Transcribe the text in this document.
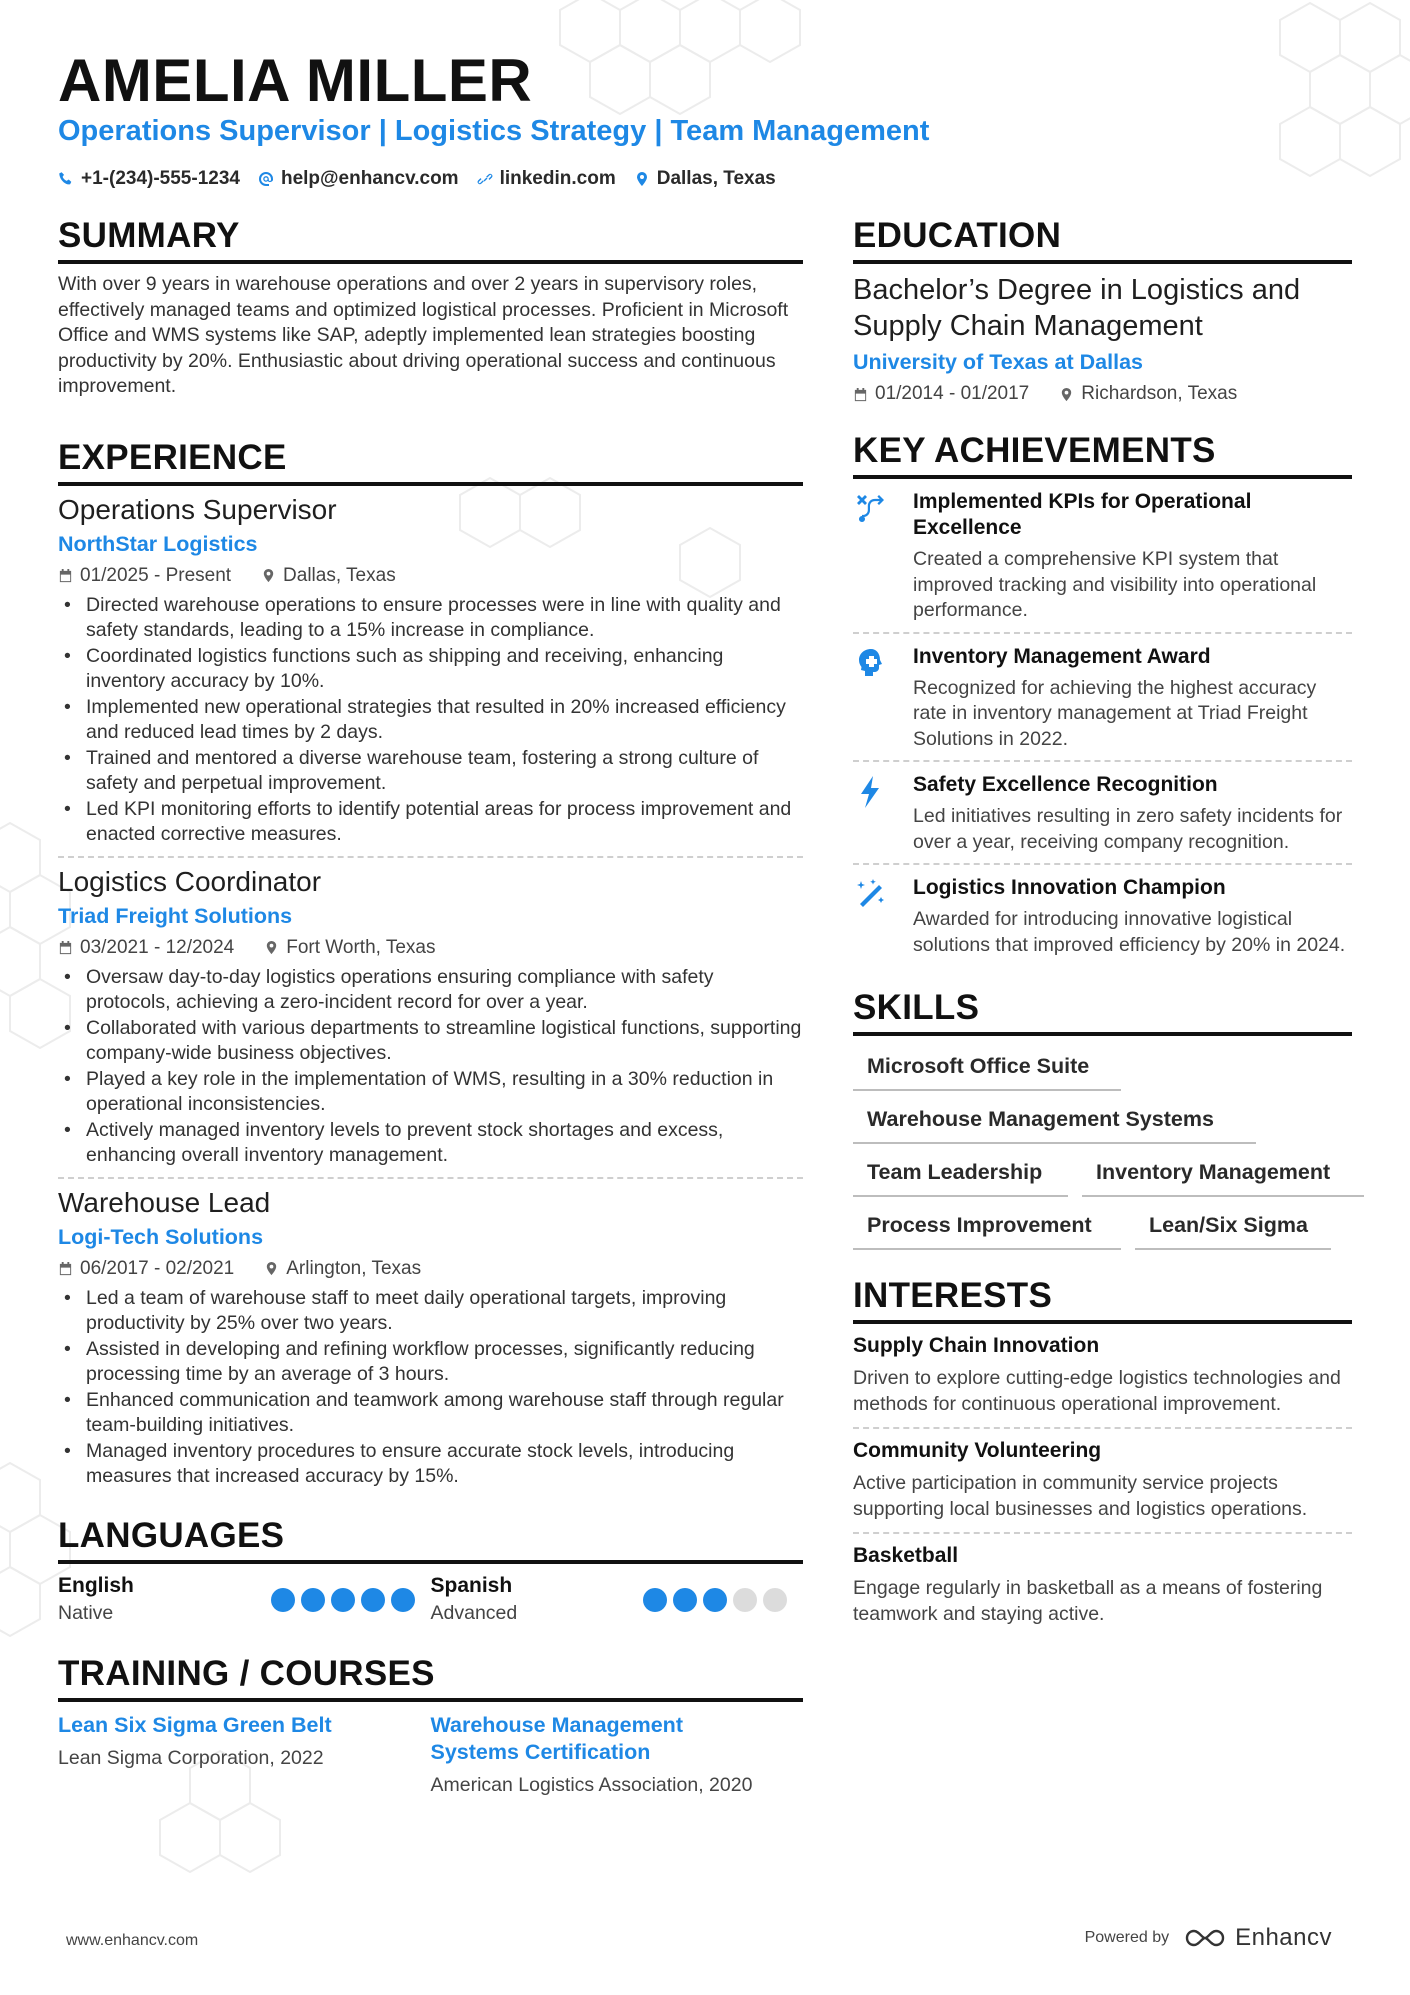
AMELIA MILLER
Operations Supervisor | Logistics Strategy | Team Management
+1-(234)-555-1234 help@enhancv.com linkedin.com Dallas, Texas
SUMMARY
With over 9 years in warehouse operations and over 2 years in supervisory roles, effectively managed teams and optimized logistical processes. Proficient in Microsoft Office and WMS systems like SAP, adeptly implemented lean strategies boosting productivity by 20%. Enthusiastic about driving operational success and continuous improvement.
EXPERIENCE
Operations Supervisor
NorthStar Logistics
01/2025 - Present	Dallas, Texas
• Directed warehouse operations to ensure processes were in line with quality and safety standards, leading to a 15% increase in compliance.
• Coordinated logistics functions such as shipping and receiving, enhancing inventory accuracy by 10%.
• Implemented new operational strategies that resulted in 20% increased efficiency and reduced lead times by 2 days.
• Trained and mentored a diverse warehouse team, fostering a strong culture of safety and perpetual improvement.
• Led KPI monitoring efforts to identify potential areas for process improvement and enacted corrective measures.
Logistics Coordinator
Triad Freight Solutions
03/2021 - 12/2024	Fort Worth, Texas
• Oversaw day-to-day logistics operations ensuring compliance with safety protocols, achieving a zero-incident record for over a year.
• Collaborated with various departments to streamline logistical functions, supporting company-wide business objectives.
• Played a key role in the implementation of WMS, resulting in a 30% reduction in operational inconsistencies.
• Actively managed inventory levels to prevent stock shortages and excess, enhancing overall inventory management.
Warehouse Lead
Logi-Tech Solutions
06/2017 - 02/2021	Arlington, Texas
• Led a team of warehouse staff to meet daily operational targets, improving productivity by 25% over two years.
• Assisted in developing and refining workflow processes, significantly reducing processing time by an average of 3 hours.
• Enhanced communication and teamwork among warehouse staff through regular team-building initiatives.
• Managed inventory procedures to ensure accurate stock levels, introducing measures that increased accuracy by 15%.
LANGUAGES
English
Native
Spanish
Advanced
TRAINING / COURSES
Lean Six Sigma Green Belt
Lean Sigma Corporation, 2022
Warehouse Management Systems Certification
American Logistics Association, 2020
EDUCATION
Bachelor’s Degree in Logistics and Supply Chain Management
University of Texas at Dallas
01/2014 - 01/2017	Richardson, Texas
KEY ACHIEVEMENTS
Implemented KPIs for Operational Excellence
Created a comprehensive KPI system that improved tracking and visibility into operational performance.
Inventory Management Award
Recognized for achieving the highest accuracy rate in inventory management at Triad Freight Solutions in 2022.
Safety Excellence Recognition
Led initiatives resulting in zero safety incidents for over a year, receiving company recognition.
Logistics Innovation Champion
Awarded for introducing innovative logistical solutions that improved efficiency by 20% in 2024.
SKILLS
Microsoft Office Suite
Warehouse Management Systems
Team Leadership	Inventory Management
Process Improvement	Lean/Six Sigma
INTERESTS
Supply Chain Innovation
Driven to explore cutting-edge logistics technologies and methods for continuous operational improvement.
Community Volunteering
Active participation in community service projects supporting local businesses and logistics operations.
Basketball
Engage regularly in basketball as a means of fostering teamwork and staying active.
www.enhancv.com	Powered by	Enhancv
